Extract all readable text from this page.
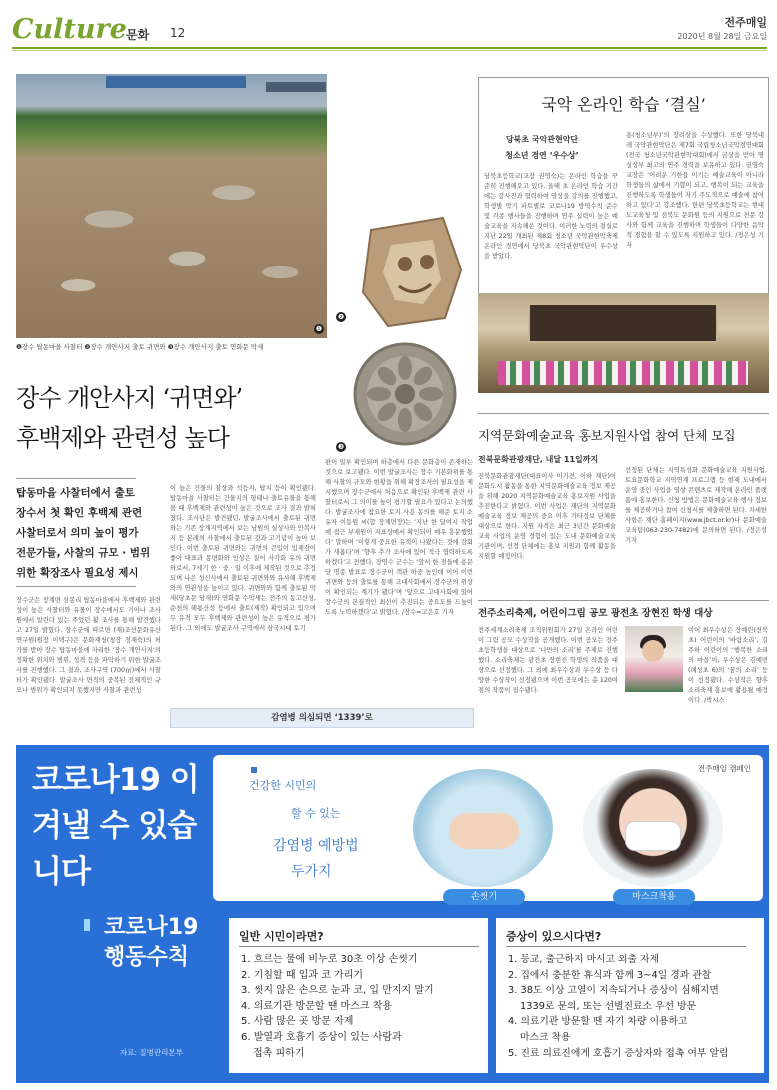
Culture 문화 12
전주매일
2020년 8월 28일 금요일
❶
❷
❸
❶장수 탑동마을 사찰터 ❷장수 개안사지 출토 귀면와 ❸장수 개안사지 출토 연화문 막새
장수 개안사지 ‘귀면와’
후백제와 관련성 높다
탑동마을 사찰터에서 출토
장수서 첫 확인 후백제 관련
사찰터로서 의미 높이 평가
전문가들, 사찰의 규모 · 범위
위한 확장조사 필요성 제시
장수군은 장계면 삼봉리 탑동마을에서 후백제와 관련성이 높은 사찰터와 유물이 장수에서도 기아나 조사원에서 알린다 있는 주었던 활 조사를 통해 발견했다고 27일 밝혔다. 장수군에 따르면 (재)조선문화유산연구원(원장 이택구)은 문화재청(청장 정재숙)의 허가를 받아 장수 탑동마을에 자리한 ‘장수 개안사지’의 정확한 위치와 범위, 성격 등을 파악하기 위한 발굴조사를 진행했다. 그 결과, 조사구역 (700㎡)에서 사찰터가 확인됐다. 발굴조사 면적의 중복된 전체적인 규모나 범위가 확인되지 못했지만 사찰과 관련성
이 높은 건물의 잠상과 석등지, 탑지 등이 확인됐다. 탑동마을 사찰터는 건물지의 형태나 출토유물을 통해 볼 때 후백제와 관련성이 높은 것으로 조사 결과 밝혀졌다. 조사단은 발견됐던, 발굴조사에서 출토된 귀면와는 기존 장계지역에서 보는 남원의 실상사와 만복사지 등 본래의 사찰에서 출토된 것과 고기념이 높아 보인다. 이번 출토된 귀면와는 귀면의 큰입이 입체감이 좋아 대표과 몽면화와 인상은 짙어 사각화 유의 귀면와로서, 7세기 한 · 중 · 일 이후에 제작된 것으로 추정되며 나은 성신사에서 출토된 귀면와와 유사해 후백제와의 연관성을 높이고 있다. 귀면와와 함께 출토된 막새(당초문 당새)와 연화문 수막새는 전주의 동고산성, 순천의 해룡산성 등에서 출토(제작) 확인되고 있으며 두 유적 모두 후백제와 관련성이 높은 유적으로 평가된다. 그 외에도 발굴조사 구역에서 삼국시대 토기
편이 일부 확인되며 하층에서 다른 문화층이 존재하는 것으로 보고됐다. 이번 발굴조사는 장수 기본화위를 통해 사찰의 규모와 현황을 위해 확장조사의 필요성을 제시했으며 장수군에서 처음으로 확인된 후백제 관련 사찰터로서 그 의미를 높이 평가할 필요가 있다고 논의했다. 발굴조사에 참요한 토지 사용 동의를 해준 토지 소유자 이동원 씨(합 장계면장)는 ‘지난 한 달여시 작업에 접근 부재원이 지표상에서 확인되어 매우 흥분했었다’ 말하며 ‘이렇게 중요한 유적이 나왔다는 것에 감회가 새롭다’며 ‘향후 추가 조사에 있어 적극 협력하도록 하겠다’고 전했다. 장영수 군수는 ‘앞서 한 점들에 용문당 명종 발표로 장수군이 객관 하중 높인데 이어 이번 귀면와 등의 출토를 통해 고대사회에서 장수군의 위상이 확인되는 계기가 됐다’며 ‘앞으로 고대사회에 있어 장수군의 본질적인 최선이 추진되는 중요도를 드높이도록 노력하겠다’고 밝혔다. /장수=고은호 기자
감염병 의심되면 ‘1339’로
국악 온라인 학습 ‘결실’
당북초 국악관현악단
청소년 경연 ‘우수상’
당북초등학교(교장 권영숙)는 온라인 학습을 꾸준히 진행해오고 있다. 올해 초 온라인 학습 기간에는 강사진과 협력하여 영상을 강의를 진행했고, 학생별 악기 파트별로 코로나19 방역수칙 준수 및 각종 행사들을 진행하며 연주 실력이 높은 예술교육을 지속해온 것이다. 이러한 노력의 결실로 지난 22일 개최된 제8회 청소년 국악관현악축제 온라인 경연에서 당북초 국악관현악단이 우수상을 받았다.
용(청소년부)’의 장려상을 수상했다. 또한 당북내레 국악관현악단은 제7회 국립청소년국악경연대회(전국 청소년국악관현악대회)에서 금상을 받아 명실상부 최고의 연주 경력을 보유하고 있다. 권영숙 교장은 ‘어려운 기한을 이기는 예술교육이 아니라 학생들의 삶에서 기쁨이 되고, 행복이 되는 교육을 진행하도록 학생들이 자기 주도적으로 예술에 참여하고 있다’고 강조했다. 한편 당북초등학교는 현대 도교육청 및 전북도 문화원 등의 지원으로 전문 강사와 함께 교육을 진행하며 학생들이 다양한 음악적 경험을 할 수 있도록 지원하고 있다. /정은성 기자
지역문화예술교육 홍보지원사업 참여 단체 모집
전북문화관광재단, 내달 11일까지
전북문화관광재단(대표이사 이기전, 이하 재단)이 문화도시 활동을 통한 지역문화예술교육 정보 제공을 위해 2020 지역문화예술교육 홍보지원 사업을 추진한다고 밝혔다. 이번 사업은 재단의 지역문화예술교육 정보 제공의 중요 이후 기타정보 단체를 대상으로 한다. 지원 자격은 최근 3년간 문화예술교육 사업의 운영 경험이 있는 도내 문화예술교육 기관이며, 선정 단체에는 홍보 지원과 함께 활동을 지원할 예정이다.
선정된 단체는 지역특성화 문화예술교육 지원사업, 토요문화학교 지역연계 프로그램 등 현재 도내에서 운영 중인 사업을 영상 콘텐츠로 제작해 온라인 플랫폼에 홍보한다. 신청 방법은 문화예술교육 행사 정보를 제공하거나 참여 신청서를 제출하면 된다. 자세한 사항은 재단 홈페이지(www.jbct.or.kr)나 문화예술교육팀(063-230-7482)에 문의하면 된다. /정은성 기자
전주소리축제, 어린이그림 공모 광전초 장현진 학생 대상
전주세계소리축제 조직위원회가 27일 온라인 어린이 그림 공모 수상작을 공개했다. 이번 공모는 전주 초등학생을 대상으로 ‘나만의 소리’를 주제로 진행했다. 소리축제는 광전초 장현진 학생의 작품을 대상으로 선정했다. 그 외에 최우수상과 우수상 등 다양한 수상작이 선정됐으며 이번 공모에는 총 120여 점의 작품이 접수됐다.
이어 최우수상은 장예린(전북초) 어린이의 ‘바람소리’, 김주하 어린이의 ‘행복한 소리의 마을’이, 우수상은 김예빈 (해성초 6)의 ‘꿈의 소리’ 등이 선정됐다. 수상작은 향후 소리축제 홍보에 활용될 예정이다. /박시스
코로나19 이겨낼 수 있습니다
코로나19 행동수칙
자료: 질병관리본부
전주매일 캠페인
건강한 시민의
할 수 있는
감염병 예방법
두가지
손씻기	마스크착용
일반 시민이라면?
1. 흐르는 물에 비누로 30초 이상 손씻기
2. 기침할 때 입과 코 가리기
3. 씻지 않은 손으로 눈과 코, 입 만지지 말기
4. 의료기관 방문할 땐 마스크 착용
5. 사람 많은 곳 방문 자제
6. 발열과 호흡기 증상이 있는 사람과
접촉 피하기
증상이 있으시다면?
1. 등교, 출근하지 마시고 외출 자제
2. 집에서 충분한 휴식과 함께 3~4일 경과 관찰
3. 38도 이상 고열이 지속되거나 증상이 심해지면
1339로 문의, 또는 선별진료소 우선 방문
4. 의료기관 방문할 땐 자기 차량 이용하고
마스크 착용
5. 진료 의료진에게 호흡기 증상자와 접촉 여부 알림
